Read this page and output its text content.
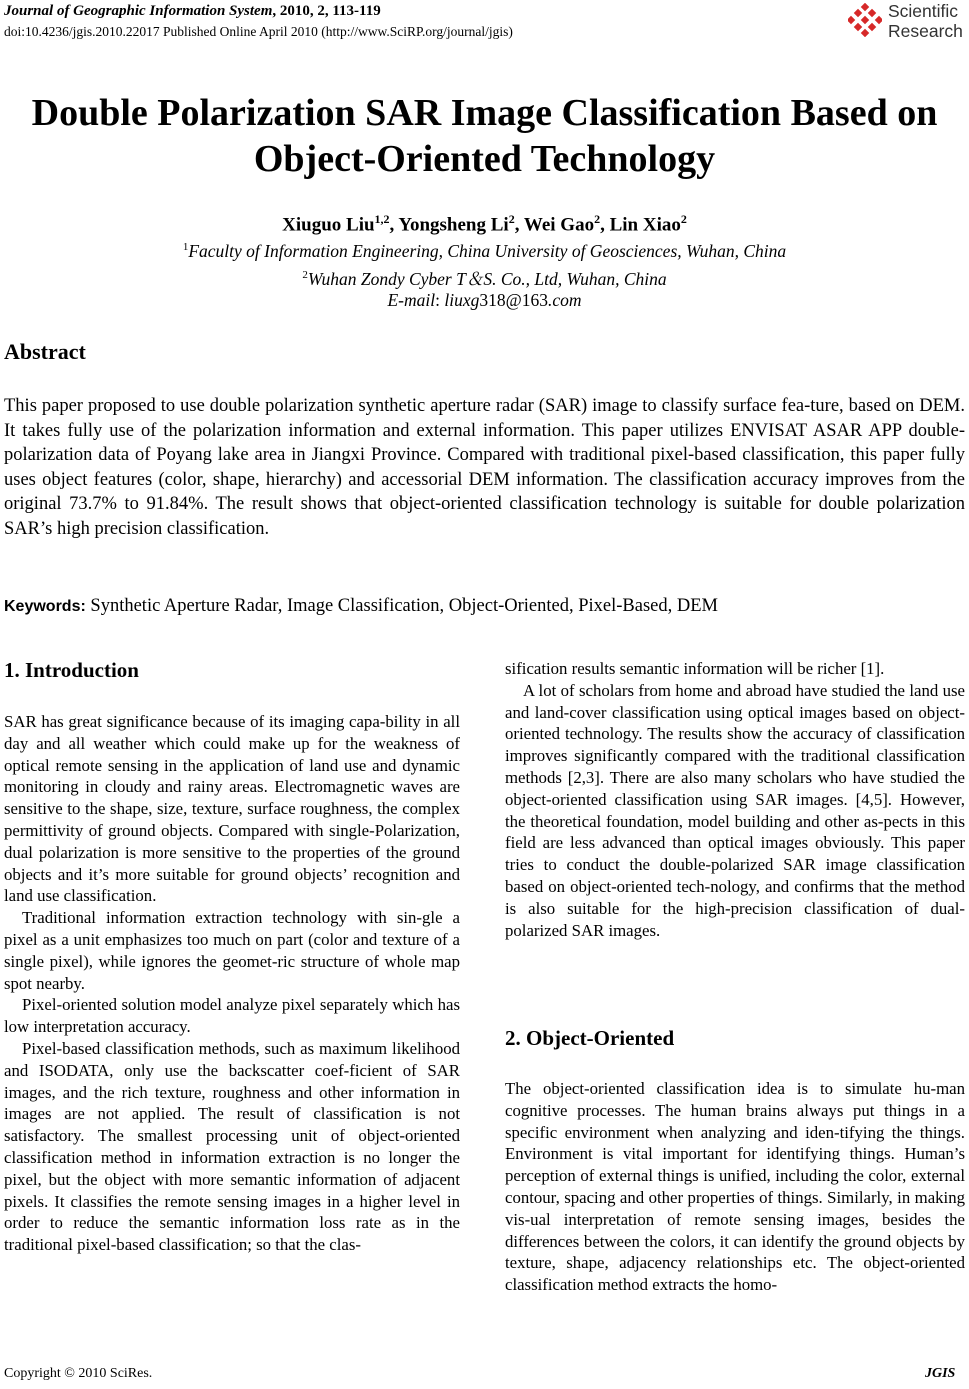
Journal of Geographic Information System, 2010, 2, 113-119
doi:10.4236/jgis.2010.22017 Published Online April 2010 (http://www.SciRP.org/journal/jgis)
Scientific
Research
Double Polarization SAR Image Classification Based on
Object-Oriented Technology
Xiuguo Liu$^{1,2}$, Yongsheng Li$^2$, Wei Gao$^2$, Lin Xiao$^2$
$^1$Faculty of Information Engineering, China University of Geosciences, Wuhan, China
$^2$Wuhan Zondy Cyber T＆S. Co., Ltd, Wuhan, China
E-mail: liuxg318@163.com
Abstract
This paper proposed to use double polarization synthetic aperture radar (SAR) image to classify surface fea-ture, based on DEM. It takes fully use of the polarization information and external information. This paper utilizes ENVISAT ASAR APP double-polarization data of Poyang lake area in Jiangxi Province. Compared with traditional pixel-based classification, this paper fully uses object features (color, shape, hierarchy) and accessorial DEM information. The classification accuracy improves from the original 73.7% to 91.84%. The result shows that object-oriented classification technology is suitable for double polarization SAR’s high precision classification.
Keywords: Synthetic Aperture Radar, Image Classification, Object-Oriented, Pixel-Based, DEM
1. Introduction

SAR has great significance because of its imaging capa-bility in all day and all weather which could make up for the weakness of optical remote sensing in the application of land use and dynamic monitoring in cloudy and rainy areas. Electromagnetic waves are sensitive to the shape, size, texture, surface roughness, the complex permittivity of ground objects. Compared with single-Polarization, dual polarization is more sensitive to the properties of the ground objects and it’s more suitable for ground objects’ recognition and land use classification.

Traditional information extraction technology with sin-gle a pixel as a unit emphasizes too much on part (color and texture of a single pixel), while ignores the geomet-ric structure of whole map spot nearby.

Pixel-oriented solution model analyze pixel separately which has low interpretation accuracy.

Pixel-based classification methods, such as maximum likelihood and ISODATA, only use the backscatter coef-ficient of SAR images, and the rich texture, roughness and other information in images are not applied. The result of classification is not satisfactory. The smallest processing unit of object-oriented classification method in information extraction is no longer the pixel, but the object with more semantic information of adjacent pixels. It classifies the remote sensing images in a higher level in order to reduce the semantic information loss rate as in the traditional pixel-based classification; so that the clas-

sification results semantic information will be richer [1].

A lot of scholars from home and abroad have studied the land use and land-cover classification using optical images based on object-oriented technology. The results show the accuracy of classification improves significantly compared with the traditional classification methods [2,3]. There are also many scholars who have studied the object-oriented classification using SAR images. [4,5]. However, the theoretical foundation, model building and other as-pects in this field are less advanced than optical images obviously. This paper tries to conduct the double-polarized SAR image classification based on object-oriented tech-nology, and confirms that the method is also suitable for the high-precision classification of dual-polarized SAR images.

2. Object-Oriented

The object-oriented classification idea is to simulate hu-man cognitive processes. The human brains always put things in a specific environment when analyzing and iden-tifying the things. Environment is vital important for identifying things. Human’s perception of external things is unified, including the color, external contour, spacing and other properties of things. Similarly, in making vis-ual interpretation of remote sensing images, besides the differences between the colors, it can identify the ground objects by texture, shape, adjacency relationships etc. The object-oriented classification method extracts the homo-

Copyright © 2010 SciRes.	JGIS
